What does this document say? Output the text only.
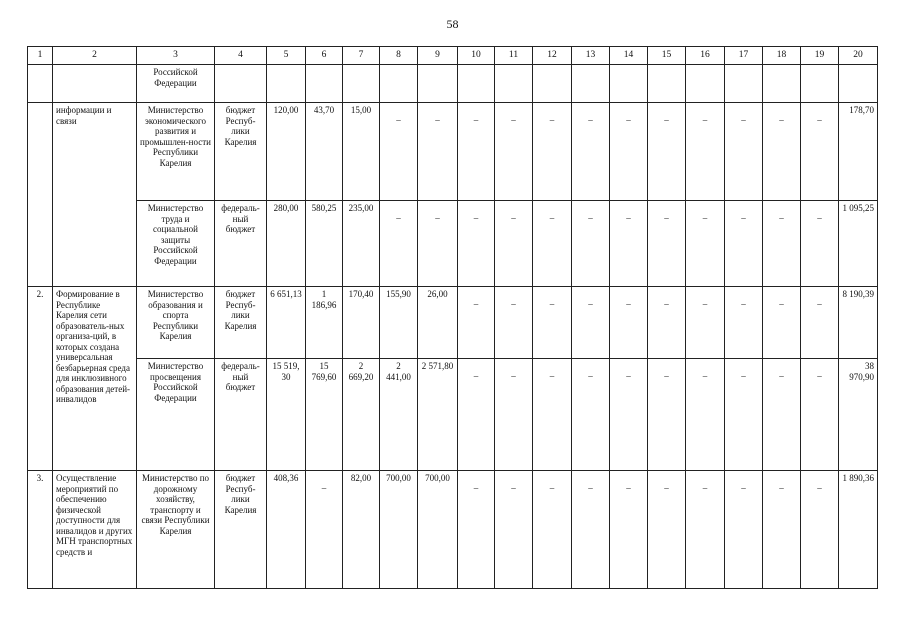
58
1	2	3	4	5	6	7	8	9	10	11	12	13	14	15	16	17	18	19	20
		Российской Федерации																	
	информации и связи	Министерство экономического развития и промышлен-ности Республики Карелия	бюджет Респуб-лики Карелия	120,00	43,70	15,00	–	–	–	–	–	–	–	–	–	–	–	–	178,70
		Министерство труда и социальной защиты Российской Федерации	федераль-ный бюджет	280,00	580,25	235,00	–	–	–	–	–	–	–	–	–	–	–	–	1 095,25
2.	Формирование в Республике Карелия сети образователь-ных организа-ций, в которых создана универсальная безбарьерная среда для инклюзивного образования детей-инвалидов	Министерство образования и спорта Республики Карелия	бюджет Респуб-лики Карелия	6 651,13	1 186,96	170,40	155,90	26,00	–	–	–	–	–	–	–	–	–	–	8 190,39
		Министерство просвещения Российской Федерации	федераль-ный бюджет	15 519, 30	15 769,60	2 669,20	2 441,00	2 571,80	–	–	–	–	–	–	–	–	–	–	38 970,90
3.	Осуществление мероприятий по обеспечению физической доступности для инвалидов и других МГН транспортных средств и	Министерство по дорожному хозяйству, транспорту и связи Республики Карелия	бюджет Респуб-лики Карелия	408,36	–	82,00	700,00	700,00	–	–	–	–	–	–	–	–	–	–	1 890,36
